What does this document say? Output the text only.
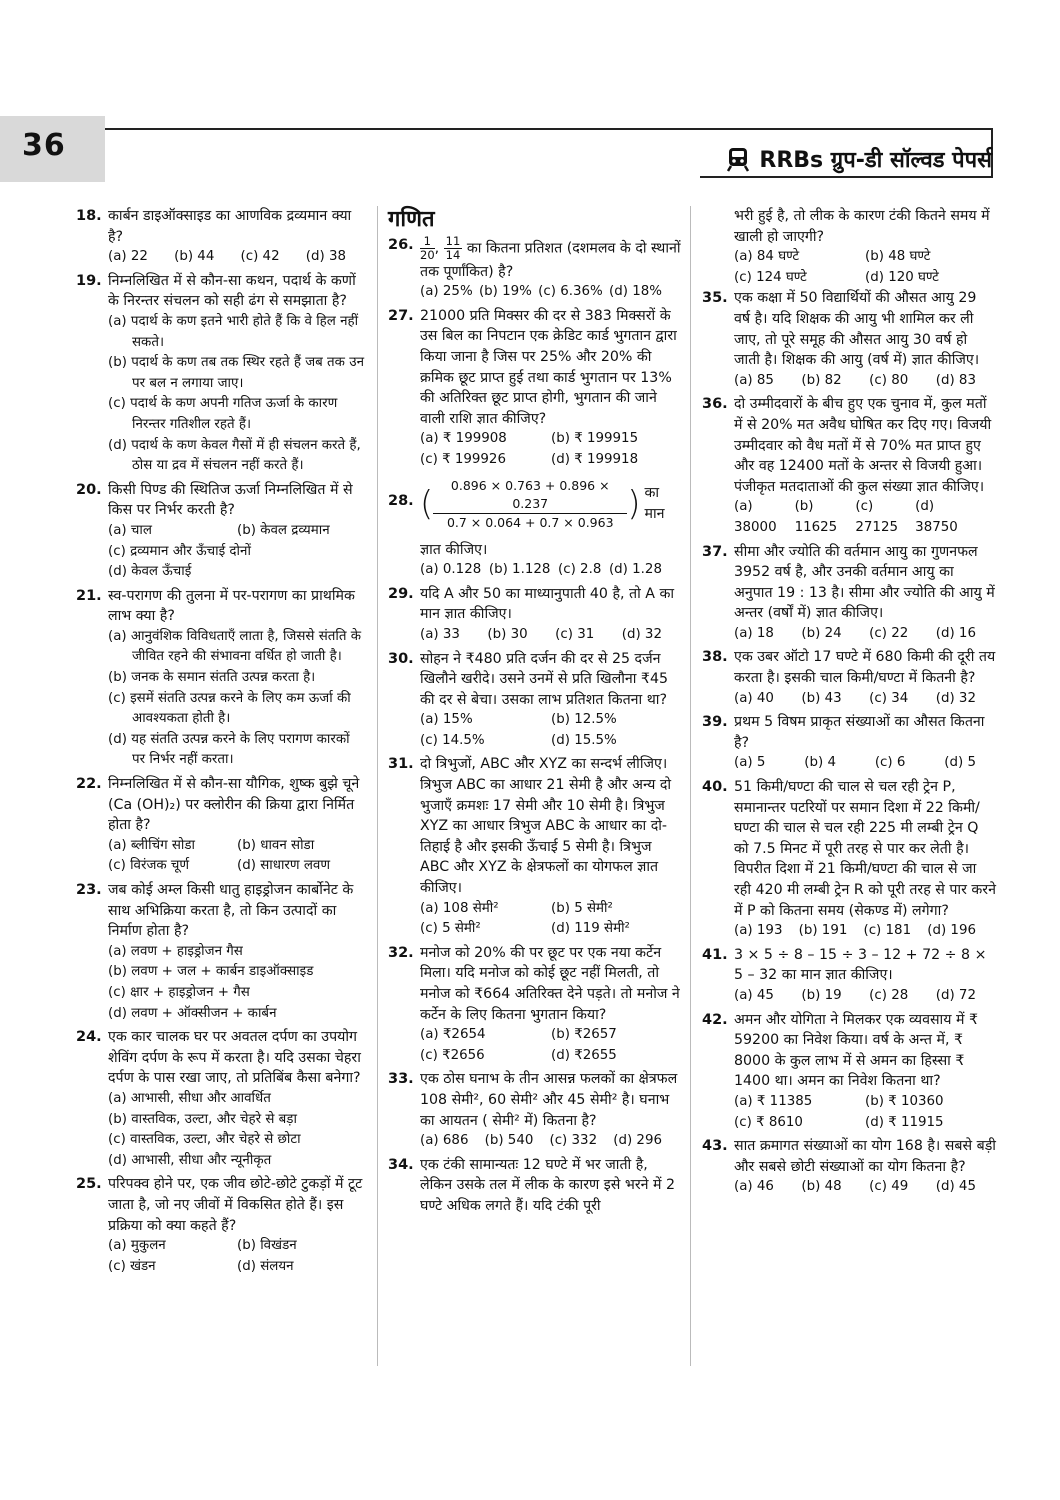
36	RRBs ग्रुप-डी सॉल्वड पेपर्स
18. कार्बन डाइऑक्साइड का आणविक द्रव्यमान क्या है?
(a) 22 (b) 44 (c) 42 (d) 38
19. निम्नलिखित में से कौन-सा कथन, पदार्थ के कणों के निरन्तर संचलन को सही ढंग से समझाता है?
(a) पदार्थ के कण इतने भारी होते हैं कि वे हिल नहीं सकते।
(b) पदार्थ के कण तब तक स्थिर रहते हैं जब तक उन पर बल न लगाया जाए।
(c) पदार्थ के कण अपनी गतिज ऊर्जा के कारण निरन्तर गतिशील रहते हैं।
(d) पदार्थ के कण केवल गैसों में ही संचलन करते हैं, ठोस या द्रव में संचलन नहीं करते हैं।
20. किसी पिण्ड की स्थितिज ऊर्जा निम्नलिखित में से किस पर निर्भर करती है?
(a) चाल	(b) केवल द्रव्यमान
(c) द्रव्यमान और ऊँचाई दोनों
(d) केवल ऊँचाई
21. स्व-परागण की तुलना में पर-परागण का प्राथमिक लाभ क्या है?
(a) आनुवंशिक विविधताएँ लाता है, जिससे संतति के जीवित रहने की संभावना वर्धित हो जाती है।
(b) जनक के समान संतति उत्पन्न करता है।
(c) इसमें संतति उत्पन्न करने के लिए कम ऊर्जा की आवश्यकता होती है।
(d) यह संतति उत्पन्न करने के लिए परागण कारकों पर निर्भर नहीं करता।
22. निम्नलिखित में से कौन-सा यौगिक, शुष्क बुझे चूने (Ca (OH)₂) पर क्लोरीन की क्रिया द्वारा निर्मित होता है?
(a) ब्लीचिंग सोडा	(b) धावन सोडा
(c) विरंजक चूर्ण	(d) साधारण लवण
23. जब कोई अम्ल किसी धातु हाइड्रोजन कार्बोनेट के साथ अभिक्रिया करता है, तो किन उत्पादों का निर्माण होता है?
(a) लवण + हाइड्रोजन गैस
(b) लवण + जल + कार्बन डाइऑक्साइड
(c) क्षार + हाइड्रोजन + गैस
(d) लवण + ऑक्सीजन + कार्बन
24. एक कार चालक घर पर अवतल दर्पण का उपयोग शेविंग दर्पण के रूप में करता है। यदि उसका चेहरा दर्पण के पास रखा जाए, तो प्रतिबिंब कैसा बनेगा?
(a) आभासी, सीधा और आवर्धित
(b) वास्तविक, उल्टा, और चेहरे से बड़ा
(c) वास्तविक, उल्टा, और चेहरे से छोटा
(d) आभासी, सीधा और न्यूनीकृत
25. परिपक्व होने पर, एक जीव छोटे-छोटे टुकड़ों में टूट जाता है, जो नए जीवों में विकसित होते हैं। इस प्रक्रिया को क्या कहते हैं?
(a) मुकुलन	(b) विखंडन
(c) खंडन	(d) संलयन
गणित
26. $\frac{1}{20}$ , $\frac{11}{14}$ का कितना प्रतिशत (दशमलव के दो स्थानों तक पूर्णांकित) है?
(a) 25% (b) 19% (c) 6.36% (d) 18%
27. 21000 प्रति मिक्सर की दर से 383 मिक्सरों के उस बिल का निपटान एक क्रेडिट कार्ड भुगतान द्वारा किया जाना है जिस पर 25% और 20% की क्रमिक छूट प्राप्त हुई तथा कार्ड भुगतान पर 13% की अतिरिक्त छूट प्राप्त होगी, भुगतान की जाने वाली राशि ज्ञात कीजिए?
(a) ₹ 199908	(b) ₹ 199915
(c) ₹ 199926	(d) ₹ 199918
28. ( $\frac{0.896 \times 0.763 + 0.896 \times 0.237}{0.7 \times 0.064 + 0.7 \times 0.963}$ ) का मान
ज्ञात कीजिए।
(a) 0.128 (b) 1.128 (c) 2.8 (d) 1.28
29. यदि A और 50 का माध्यानुपाती 40 है, तो A का मान ज्ञात कीजिए।
(a) 33 (b) 30 (c) 31 (d) 32
30. सोहन ने ₹480 प्रति दर्जन की दर से 25 दर्जन खिलौने खरीदे। उसने उनमें से प्रति खिलौना ₹45 की दर से बेचा। उसका लाभ प्रतिशत कितना था?
(a) 15%	(b) 12.5%
(c) 14.5%	(d) 15.5%
31. दो त्रिभुजों, ABC और XYZ का सन्दर्भ लीजिए। त्रिभुज ABC का आधार 21 सेमी है और अन्य दो भुजाएँ क्रमशः 17 सेमी और 10 सेमी है। त्रिभुज XYZ का आधार त्रिभुज ABC के आधार का दो-तिहाई है और इसकी ऊँचाई 5 सेमी है। त्रिभुज ABC और XYZ के क्षेत्रफलों का योगफल ज्ञात कीजिए।
(a) 108 सेमी²	(b) 5 सेमी²
(c) 5 सेमी²	(d) 119 सेमी²
32. मनोज को 20% की पर छूट पर एक नया कर्टेन मिला। यदि मनोज को कोई छूट नहीं मिलती, तो मनोज को ₹664 अतिरिक्त देने पड़ते। तो मनोज ने कर्टेन के लिए कितना भुगतान किया?
(a) ₹2654	(b) ₹2657
(c) ₹2656	(d) ₹2655
33. एक ठोस घनाभ के तीन आसन्न फलकों का क्षेत्रफल 108 सेमी², 60 सेमी² और 45 सेमी² है। घनाभ का आयतन ( सेमी² में) कितना है?
(a) 686 (b) 540 (c) 332 (d) 296
34. एक टंकी सामान्यतः 12 घण्टे में भर जाती है, लेकिन उसके तल में लीक के कारण इसे भरने में 2 घण्टे अधिक लगते हैं। यदि टंकी पूरी
भरी हुई है, तो लीक के कारण टंकी कितने समय में खाली हो जाएगी?
(a) 84 घण्टे	(b) 48 घण्टे
(c) 124 घण्टे	(d) 120 घण्टे
35. एक कक्षा में 50 विद्यार्थियों की औसत आयु 29 वर्ष है। यदि शिक्षक की आयु भी शामिल कर ली जाए, तो पूरे समूह की औसत आयु 30 वर्ष हो जाती है। शिक्षक की आयु (वर्ष में) ज्ञात कीजिए।
(a) 85 (b) 82 (c) 80 (d) 83
36. दो उम्मीदवारों के बीच हुए एक चुनाव में, कुल मतों में से 20% मत अवैध घोषित कर दिए गए। विजयी उम्मीदवार को वैध मतों में से 70% मत प्राप्त हुए और वह 12400 मतों के अन्तर से विजयी हुआ। पंजीकृत मतदाताओं की कुल संख्या ज्ञात कीजिए।
(a) 38000
(b) 11625
(c) 27125
(d) 38750
37. सीमा और ज्योति की वर्तमान आयु का गुणनफल 3952 वर्ष है, और उनकी वर्तमान आयु का अनुपात 19 : 13 है। सीमा और ज्योति की आयु में अन्तर (वर्षों में) ज्ञात कीजिए।
(a) 18 (b) 24 (c) 22 (d) 16
38. एक उबर ऑटो 17 घण्टे में 680 किमी की दूरी तय करता है। इसकी चाल किमी/घण्टा में कितनी है?
(a) 40 (b) 43 (c) 34 (d) 32
39. प्रथम 5 विषम प्राकृत संख्याओं का औसत कितना है?
(a) 5	(b) 4	(c) 6	(d) 5
40. 51 किमी/घण्टा की चाल से चल रही ट्रेन P, समानान्तर पटरियों पर समान दिशा में 22 किमी/घण्टा की चाल से चल रही 225 मी लम्बी ट्रेन Q को 7.5 मिनट में पूरी तरह से पार कर लेती है। विपरीत दिशा में 21 किमी/घण्टा की चाल से जा रही 420 मी लम्बी ट्रेन R को पूरी तरह से पार करने में P को कितना समय (सेकण्ड में) लगेगा?
(a) 193 (b) 191 (c) 181 (d) 196
41. 3 × 5 ÷ 8 – 15 ÷ 3 – 12 + 72 ÷ 8 × 5 – 32 का मान ज्ञात कीजिए।
(a) 45 (b) 19 (c) 28 (d) 72
42. अमन और योगिता ने मिलकर एक व्यवसाय में ₹ 59200 का निवेश किया। वर्ष के अन्त में, ₹ 8000 के कुल लाभ में से अमन का हिस्सा ₹ 1400 था। अमन का निवेश कितना था?
(a) ₹ 11385	(b) ₹ 10360
(c) ₹ 8610	(d) ₹ 11915
43. सात क्रमागत संख्याओं का योग 168 है। सबसे बड़ी और सबसे छोटी संख्याओं का योग कितना है?
(a) 46 (b) 48 (c) 49 (d) 45
